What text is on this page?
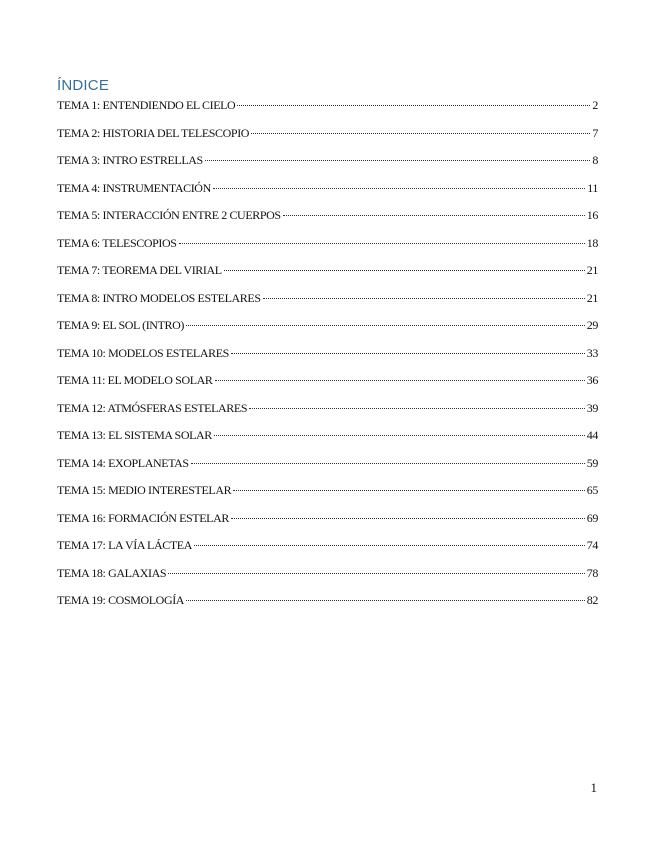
ÍNDICE
TEMA 1: ENTENDIENDO EL CIELO	2
TEMA 2: HISTORIA DEL TELESCOPIO	7
TEMA 3: INTRO ESTRELLAS	8
TEMA 4: INSTRUMENTACIÓN	11
TEMA 5: INTERACCIÓN ENTRE 2 CUERPOS	16
TEMA 6: TELESCOPIOS	18
TEMA 7: TEOREMA DEL VIRIAL	21
TEMA 8: INTRO MODELOS ESTELARES	21
TEMA 9: EL SOL (INTRO)	29
TEMA 10: MODELOS ESTELARES	33
TEMA 11: EL MODELO SOLAR	36
TEMA 12: ATMÓSFERAS ESTELARES	39
TEMA 13: EL SISTEMA SOLAR	44
TEMA 14: EXOPLANETAS	59
TEMA 15: MEDIO INTERESTELAR	65
TEMA 16: FORMACIÓN ESTELAR	69
TEMA 17: LA VÍA LÁCTEA	74
TEMA 18: GALAXIAS	78
TEMA 19: COSMOLOGÍA	82
1
